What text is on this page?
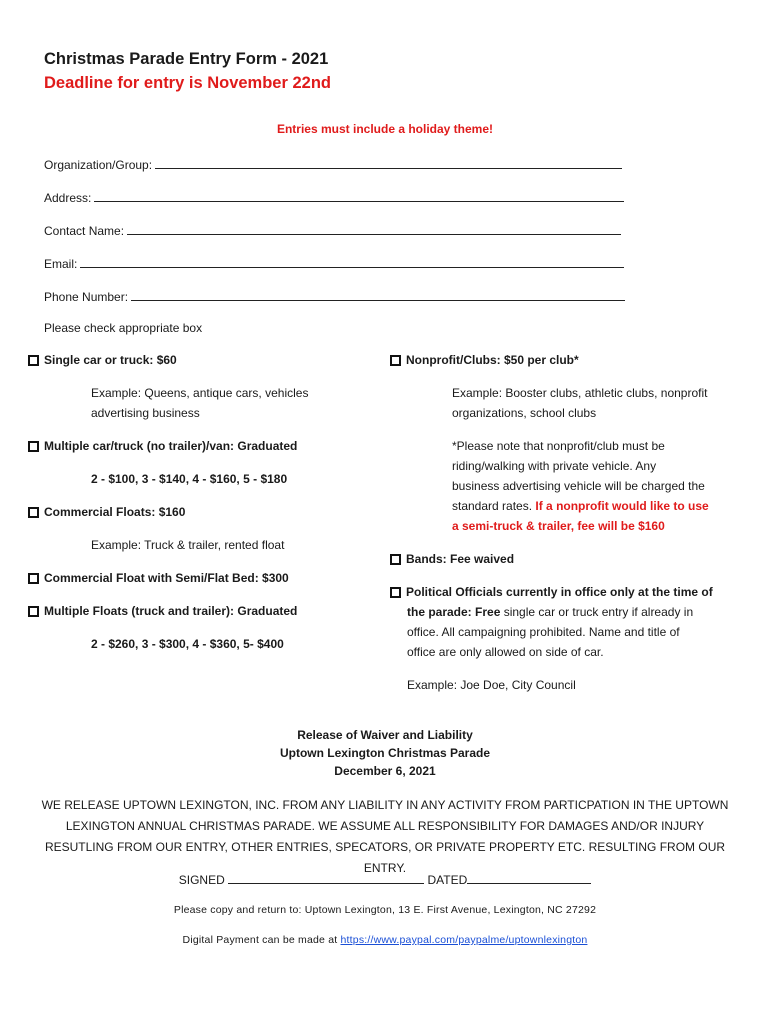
Christmas Parade Entry Form - 2021
Deadline for entry is November 22nd
Entries must include a holiday theme!
Organization/Group:
Address:
Contact Name:
Email:
Phone Number:
Please check appropriate box
Single car or truck: $60
Example: Queens, antique cars, vehicles
advertising business
Multiple car/truck (no trailer)/van: Graduated
2 - $100, 3 - $140, 4 - $160, 5 - $180
Commercial Floats: $160
Example: Truck & trailer, rented float
Commercial Float with Semi/Flat Bed: $300
Multiple Floats (truck and trailer): Graduated
2 - $260, 3 - $300, 4 - $360, 5- $400
Nonprofit/Clubs: $50 per club*
Example: Booster clubs, athletic clubs, nonprofit
organizations, school clubs
*Please note that nonprofit/club must be
riding/walking with private vehicle. Any
business advertising vehicle will be charged the
standard rates. If a nonprofit would like to use
a semi-truck & trailer, fee will be $160
Bands: Fee waived
Political Officials currently in office only at the time of
the parade: Free single car or truck entry if already in
office. All campaigning prohibited. Name and title of
office are only allowed on side of car.
Example: Joe Doe, City Council
Release of Waiver and Liability
Uptown Lexington Christmas Parade
December 6, 2021
WE RELEASE UPTOWN LEXINGTON, INC. FROM ANY LIABILITY IN ANY ACTIVITY FROM PARTICPATION IN THE UPTOWN LEXINGTON ANNUAL CHRISTMAS PARADE. WE ASSUME ALL RESPONSIBILITY FOR DAMAGES AND/OR INJURY RESUTLING FROM OUR ENTRY, OTHER ENTRIES, SPECATORS, OR PRIVATE PROPERTY ETC. RESULTING FROM OUR ENTRY.
SIGNED	DATED
Please copy and return to: Uptown Lexington, 13 E. First Avenue, Lexington, NC 27292
Digital Payment can be made at https://www.paypal.com/paypalme/uptownlexington
